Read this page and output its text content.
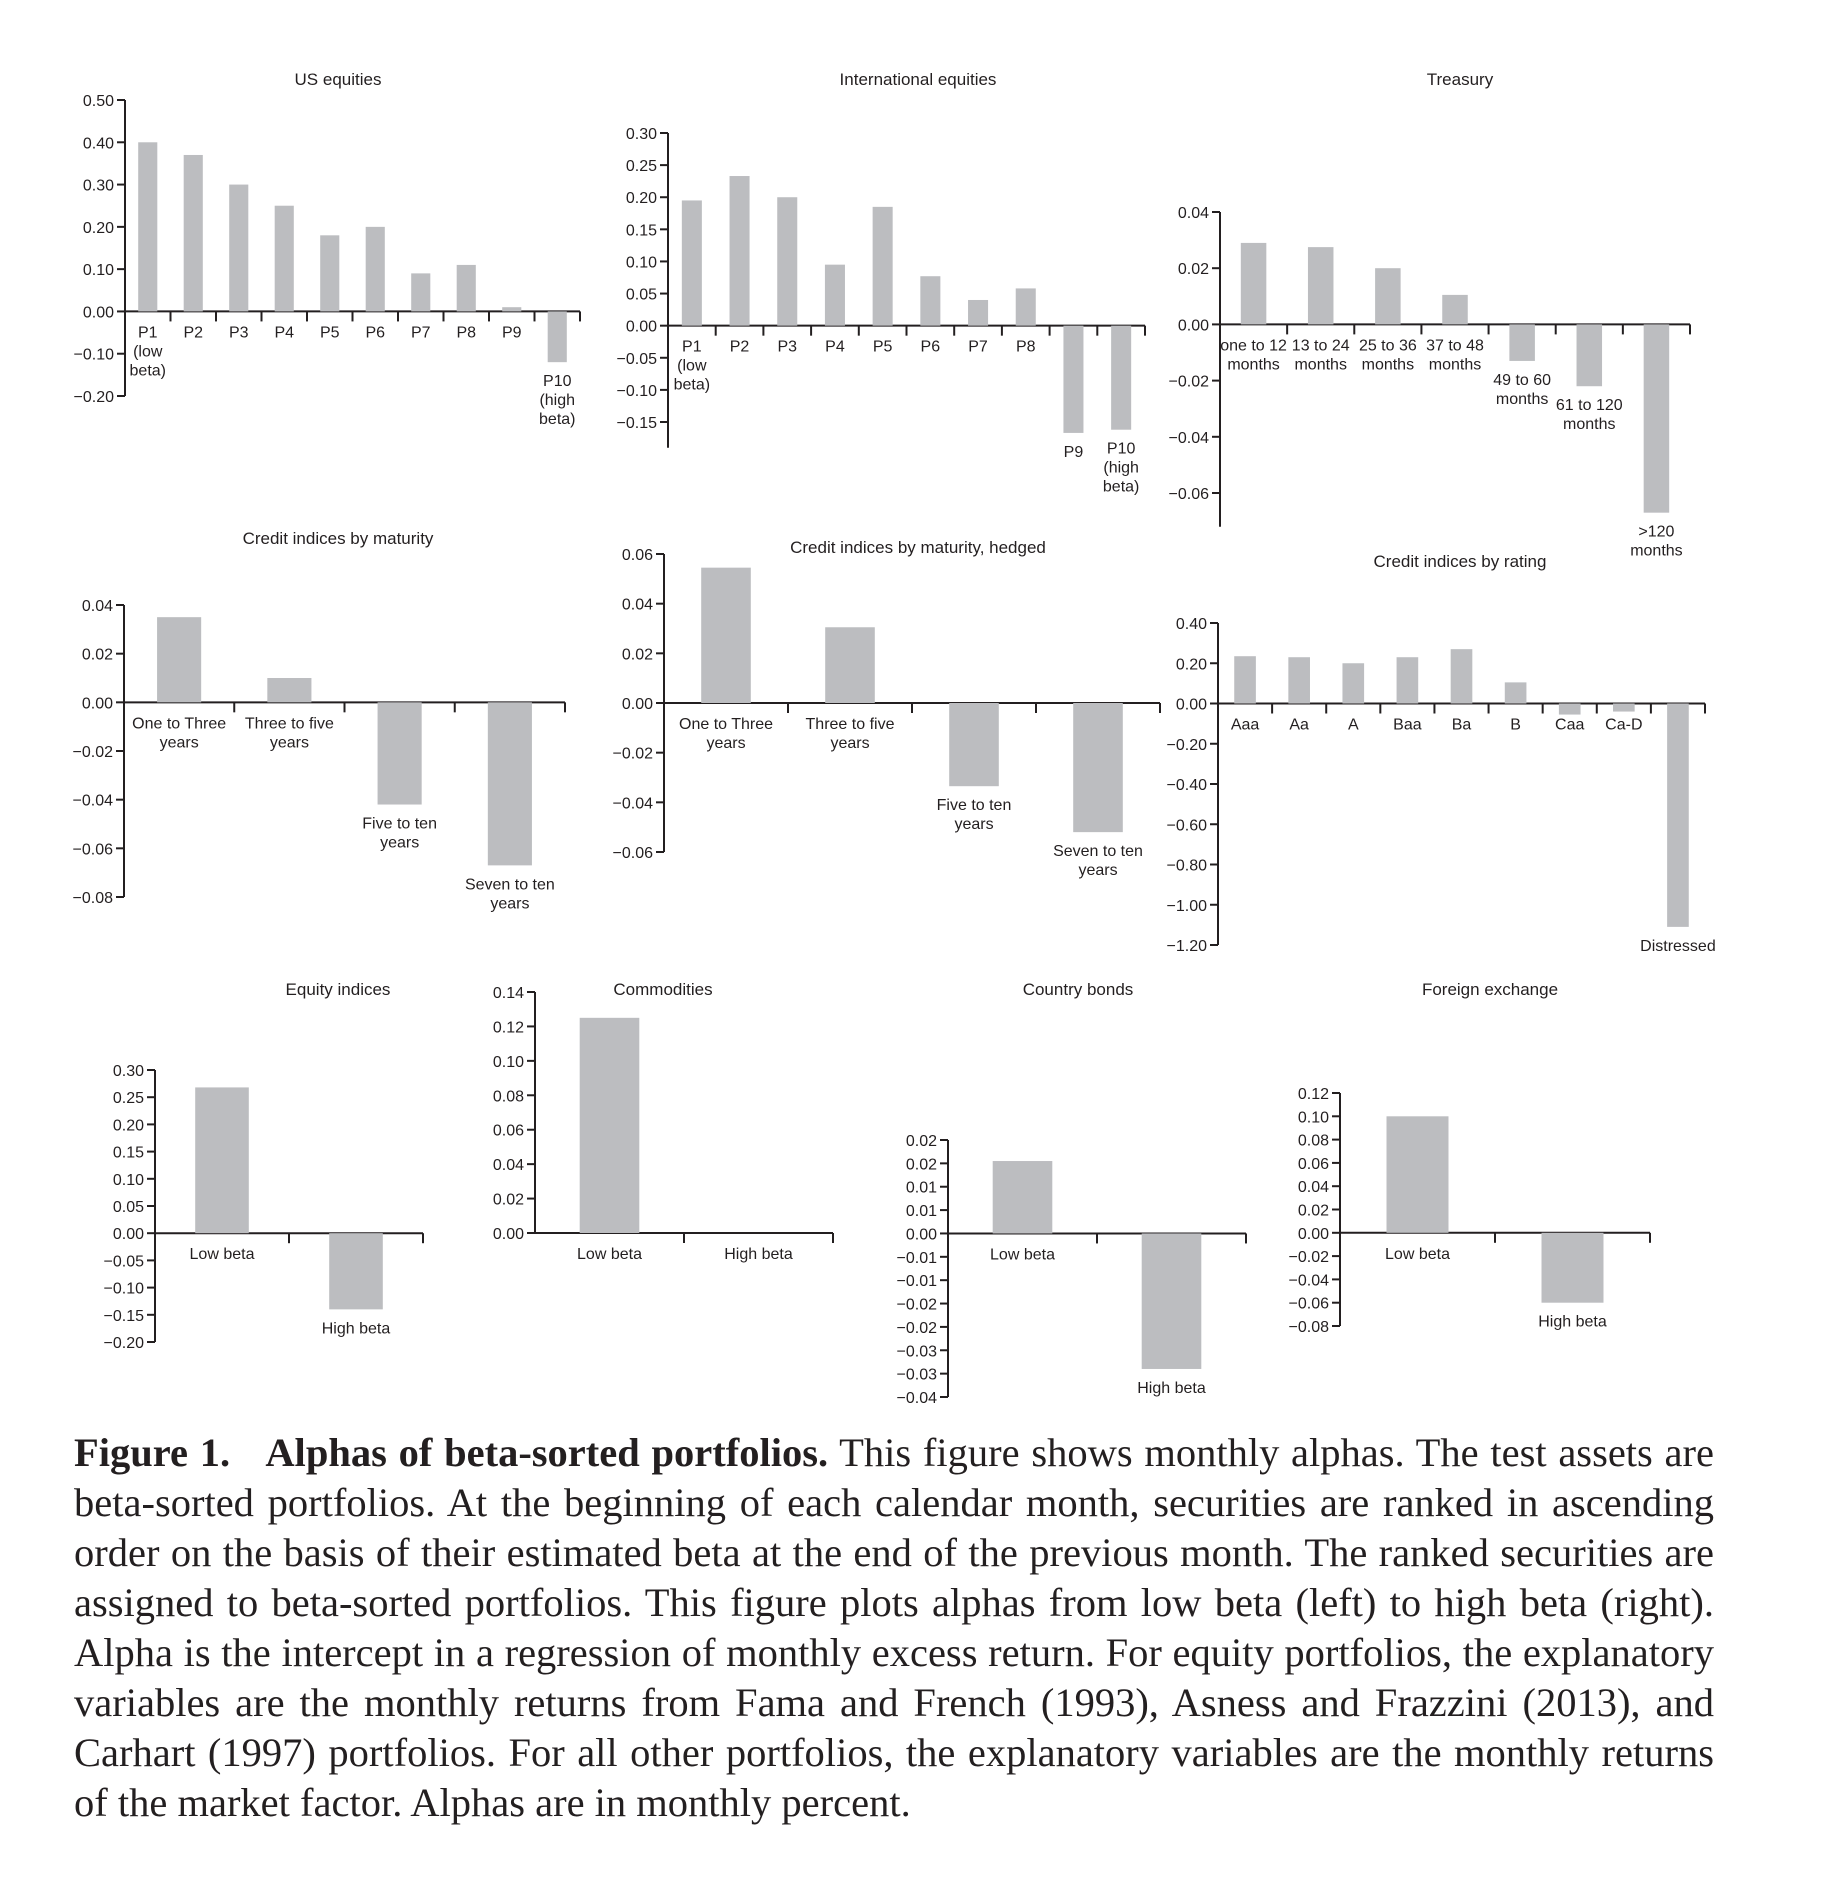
US equities
0.50
0.40
0.30
0.20
0.10
0.00
−0.10
−0.20
P1
(low
beta)
P2 P3 P4 P5 P6 P7 P8 P9
P10
(high
beta)
International equities
0.30
0.25
0.20
0.15
0.10
0.05
0.00
−0.05
−0.10
−0.15
P1
(low
beta)
P2 P3 P4 P5 P6 P7 P8
P9 P10
(high
beta)
Treasury
0.04
0.02
0.00
−0.02
−0.04
−0.06
one to 12
months
13 to 24
months
25 to 36
months
37 to 48
months
49 to 60
months 61 to 120
months
>120
months
Credit indices by maturity
0.04
0.02
0.00
−0.02
−0.04
−0.06
−0.08
One to Three
years
Three to five
years
Five to ten
years
Seven to ten
years
Credit indices by maturity, hedged
0.06
0.04
0.02
0.00
−0.02
−0.04
−0.06
One to Three
years
Three to five
years
Five to ten
years
Seven to ten
years
Credit indices by rating
0.40
0.20
0.00
−0.20
−0.40
−0.60
−0.80
−1.00
−1.20
Aaa Aa A Baa Ba B Caa Ca-D
Distressed
Equity indices
0.30
0.25
0.20
0.15
0.10
0.05
0.00
−0.05
−0.10
−0.15
−0.20
Low beta
High beta
Commodities
0.14
0.12
0.10
0.08
0.06
0.04
0.02
0.00
Low beta	High beta
Country bonds
0.02
0.02
0.01
0.01
0.00
−0.01
−0.01
−0.02
−0.02
−0.03
−0.03
−0.04
Low beta
High beta
Foreign exchange
0.12
0.10
0.08
0.06
0.04
0.02
0.00
−0.02
−0.04
−0.06
−0.08
Low beta
High beta
Figure 1. Alphas of beta-sorted portfolios. This figure shows monthly alphas. The test assets are beta-sorted portfolios. At the beginning of each calendar month, securities are ranked in ascending order on the basis of their estimated beta at the end of the previous month. The ranked securities are assigned to beta-sorted portfolios. This figure plots alphas from low beta (left) to high beta (right). Alpha is the intercept in a regression of monthly excess return. For equity portfolios, the explanatory variables are the monthly returns from Fama and French (1993), Asness and Frazzini (2013), and Carhart (1997) portfolios. For all other portfolios, the explanatory variables are the monthly returns of the market factor. Alphas are in monthly percent.
